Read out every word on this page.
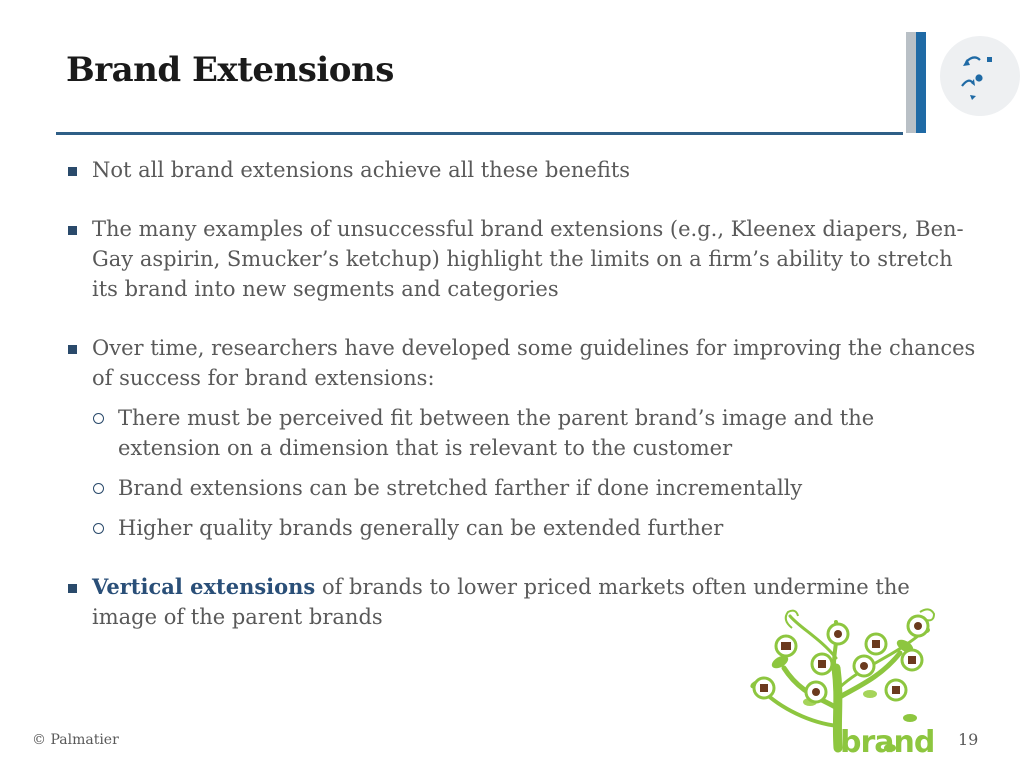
Brand Extensions
Not all brand extensions achieve all these benefits
The many examples of unsuccessful brand extensions (e.g., Kleenex diapers, Ben-Gay aspirin, Smucker’s ketchup) highlight the limits on a firm’s ability to stretch its brand into new segments and categories
Over time, researchers have developed some guidelines for improving the chances of success for brand extensions:
There must be perceived fit between the parent brand’s image and the extension on a dimension that is relevant to the customer
Brand extensions can be stretched farther if done incrementally
Higher quality brands generally can be extended further
Vertical extensions of brands to lower priced markets often undermine the image of the parent brands
brand
© Palmatier	19
